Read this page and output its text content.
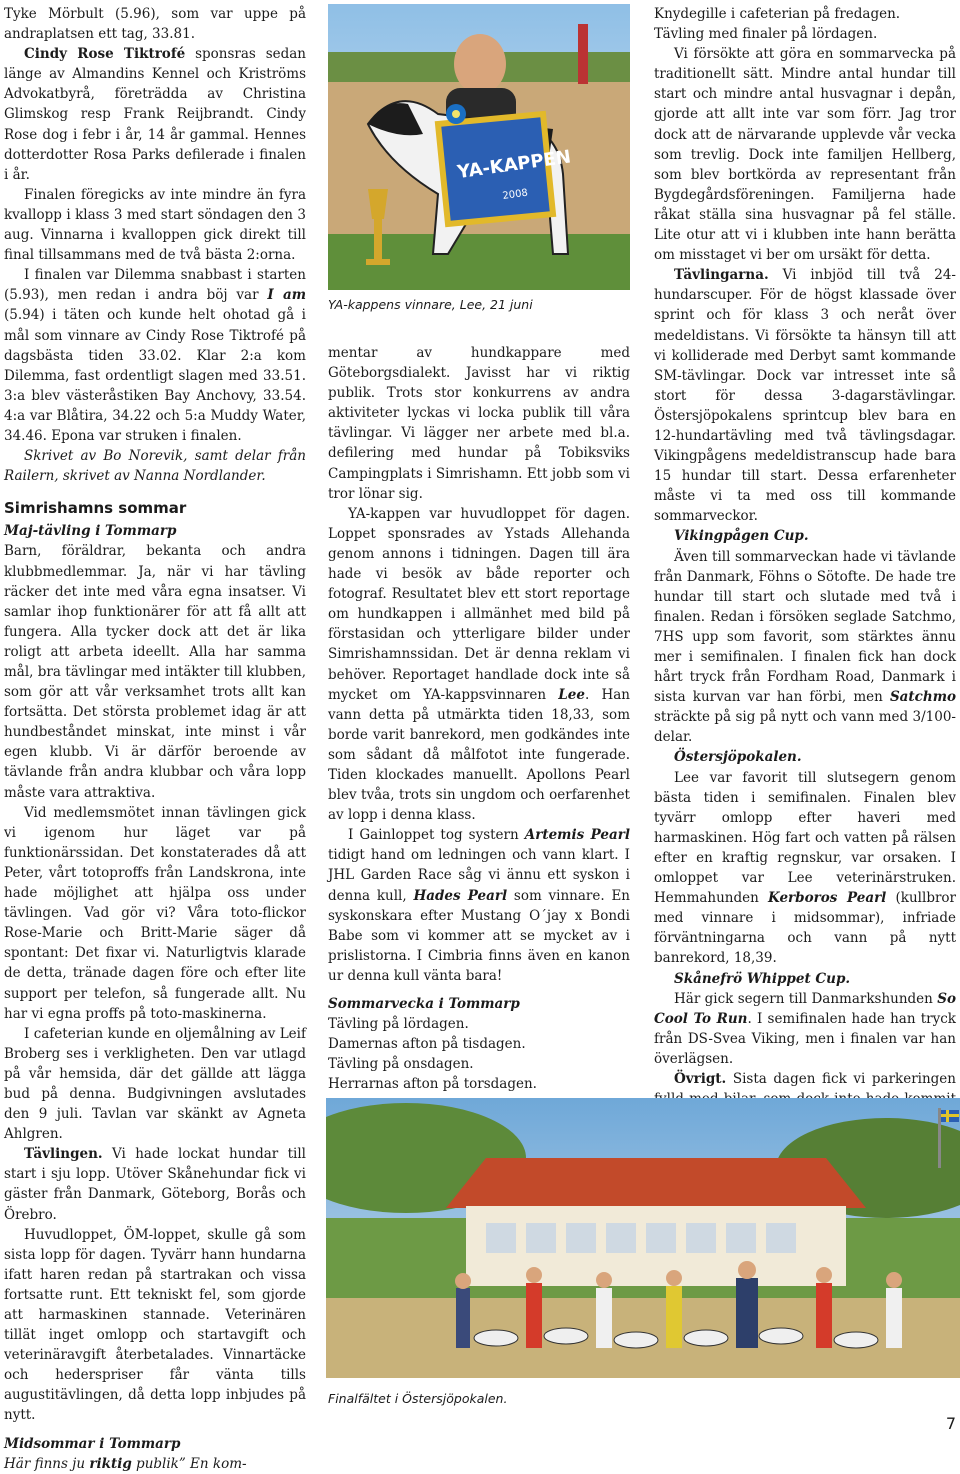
Tyke Mörbult (5.96), som var uppe på andraplatsen ett tag, 33.81.

Cindy Rose Tiktrofé sponsras sedan länge av Almandins Kennel och Kriströms Advokatbyrå, företrädda av Christina Glimskog resp Frank Reijbrandt. Cindy Rose dog i febr i år, 14 år gammal. Hennes dotterdotter Rosa Parks defilerade i finalen i år.

Finalen föregicks av inte mindre än fyra kvallopp i klass 3 med start söndagen den 3 aug. Vinnarna i kvalloppen gick direkt till final tillsammans med de två bästa 2:orna.

I finalen var Dilemma snabbast i starten (5.93), men redan i andra böj var I am (5.94) i täten och kunde helt ohotad gå i mål som vinnare av Cindy Rose Tiktrofé på dagsbästa tiden 33.02. Klar 2:a kom Dilemma, fast ordentligt slagen med 33.51. 3:a blev västeråstiken Bay Anchovy, 33.54. 4:a var Blåtira, 34.22 och 5:a Muddy Water, 34.46. Epona var struken i finalen.

Skrivet av Bo Norevik, samt delar från Railern, skrivet av Nanna Nordlander.

Simrishamns sommar

Maj-tävling i Tommarp

Barn, föräldrar, bekanta och andra klubbmedlemmar. Ja, när vi har tävling räcker det inte med våra egna insatser. Vi samlar ihop funktionärer för att få allt att fungera. Alla tycker dock att det är lika roligt att arbeta ideellt. Alla har samma mål, bra tävlingar med intäkter till klubben, som gör att vår verksamhet trots allt kan fortsätta. Det största problemet idag är att hundbeståndet minskat, inte minst i vår egen klubb. Vi är därför beroende av tävlande från andra klubbar och våra lopp måste vara attraktiva.

Vid medlemsmötet innan tävlingen gick vi igenom hur läget var på funktionärssidan. Det konstaterades då att Peter, vårt totoproffs från Landskrona, inte hade möjlighet att hjälpa oss under tävlingen. Vad gör vi? Våra toto-flickor Rose-Marie och Britt-Marie säger då spontant: Det fixar vi. Naturligtvis klarade de detta, tränade dagen före och efter lite support per telefon, så fungerade allt. Nu har vi egna proffs på toto-maskinerna.

I cafeterian kunde en oljemålning av Leif Broberg ses i verkligheten. Den var utlagd på vår hemsida, där det gällde att lägga bud på denna. Budgivningen avslutades den 9 juli. Tavlan var skänkt av Agneta Ahlgren.

Tävlingen. Vi hade lockat hundar till start i sju lopp. Utöver Skånehundar fick vi gäster från Danmark, Göteborg, Borås och Örebro.

Huvudloppet, ÖM-loppet, skulle gå som sista lopp för dagen. Tyvärr hann hundarna ifatt haren redan på startrakan och vissa fortsatte runt. Ett tekniskt fel, som gjorde att harmaskinen stannade. Veterinären tillät inget omlopp och startavgift och veterinäravgift återbetalades. Vinnartäcke och hederspriser får vänta tills augustitävlingen, då detta lopp inbjudes på nytt.

Midsommar i Tommarp

Här finns ju riktig publik” En kom-

YA-KAPPEN
2008
YA-kappens vinnare, Lee, 21 juni

mentar av hundkappare med Göteborgsdialekt. Javisst har vi riktig publik. Trots stor konkurrens av andra aktiviteter lyckas vi locka publik till våra tävlingar. Vi lägger ner arbete med bl.a. defilering med hundar på Tobiksviks Campingplats i Simrishamn. Ett jobb som vi tror lönar sig.

YA-kappen var huvudloppet för dagen. Loppet sponsrades av Ystads Allehanda genom annons i tidningen. Dagen till ära hade vi besök av både reporter och fotograf. Resultatet blev ett stort reportage om hundkappen i allmänhet med bild på förstasidan och ytterligare bilder under Simrishamnssidan. Det är denna reklam vi behöver. Reportaget handlade dock inte så mycket om YA-kappsvinnaren Lee. Han vann detta på utmärkta tiden 18,33, som borde varit banrekord, men godkändes inte som sådant då målfotot inte fungerade. Tiden klockades manuellt. Apollons Pearl blev tvåa, trots sin ungdom och oerfarenhet av lopp i denna klass.

I Gainloppet tog systern Artemis Pearl tidigt hand om ledningen och vann klart. I JHL Garden Race såg vi ännu ett syskon i denna kull, Hades Pearl som vinnare. En syskonskara efter Mustang O´jay x Bondi Babe som vi kommer att se mycket av i prislistorna. I Cimbria finns även en kanon ur denna kull vänta bara!

Sommarvecka i Tommarp

Tävling på lördagen.

Damernas afton på tisdagen.

Tävling på onsdagen.

Herrarnas afton på torsdagen.

Knydegille i cafeterian på fredagen.

Tävling med finaler på lördagen.

Vi försökte att göra en sommarvecka på traditionellt sätt. Mindre antal hundar till start och mindre antal husvagnar i depån, gjorde att allt inte var som förr. Jag tror dock att de närvarande upplevde vår vecka som trevlig. Dock inte familjen Hellberg, som blev bortkörda av representant från Bygdegårdsföreningen. Familjerna hade råkat ställa sina husvagnar på fel ställe. Lite otur att vi i klubben inte hann berätta om misstaget vi ber om ursäkt för detta.

Tävlingarna. Vi inbjöd till två 24-hundarscuper. För de högst klassade över sprint och för klass 3 och neråt över medeldistans. Vi försökte ta hänsyn till att vi kolliderade med Derbyt samt kommande SM-tävlingar. Dock var intresset inte så stort för dessa 3-dagarstävlingar. Östersjöpokalens sprintcup blev bara en 12-hundartävling med två tävlingsdagar. Vikingpågens medeldistranscup hade bara 15 hundar till start. Dessa erfarenheter måste vi ta med oss till kommande sommarveckor.

Vikingpågen Cup.

Även till sommarveckan hade vi tävlande från Danmark, Föhns o Sötofte. De hade tre hundar till start och slutade med två i finalen. Redan i försöken seglade Satchmo, 7HS upp som favorit, som stärktes ännu mer i semifinalen. I finalen fick han dock hårt tryck från Fordham Road, Danmark i sista kurvan var han förbi, men Satchmo sträckte på sig på nytt och vann med 3/100-delar.

Östersjöpokalen.

Lee var favorit till slutsegern genom bästa tiden i semifinalen. Finalen blev tyvärr omlopp efter haveri med harmaskinen. Hög fart och vatten på rälsen efter en kraftig regnskur, var orsaken. I omloppet var Lee veterinärstruken. Hemmahunden Kerboros Pearl (kullbror med vinnare i midsommar), infriade förväntningarna och vann på nytt banrekord, 18,39.

Skånefrö Whippet Cup.

Här gick segern till Danmarkshunden So Cool To Run. I semifinalen hade han tryck från DS-Svea Viking, men i finalen var han överlägsen.

Övrigt. Sista dagen fick vi parkeringen

Finalfältet i Östersjöpokalen.
7
